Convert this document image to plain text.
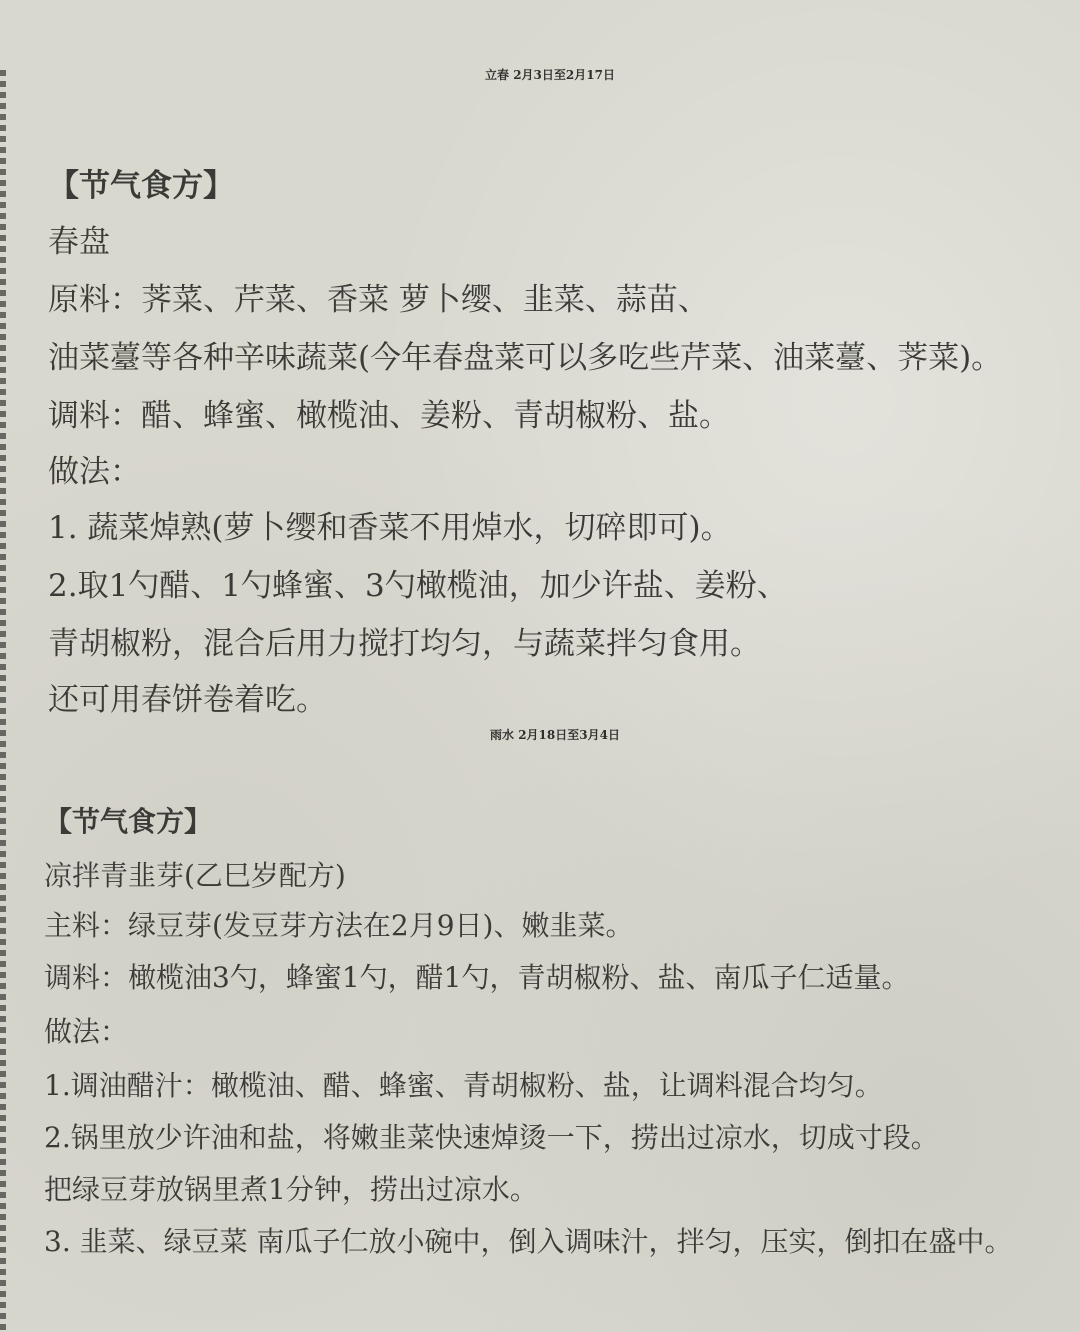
立春 2月3日至2月17日

【节气食方】

春盘

原料：荠菜、芹菜、香菜 萝卜缨、韭菜、蒜苗、

油菜薹等各种辛味蔬菜(今年春盘菜可以多吃些芹菜、油菜薹、荠菜)。

调料：醋、蜂蜜、橄榄油、姜粉、青胡椒粉、盐。

做法：

1. 蔬菜焯熟(萝卜缨和香菜不用焯水，切碎即可)。

2.取1勺醋、1勺蜂蜜、3勺橄榄油，加少许盐、姜粉、

青胡椒粉，混合后用力搅打均匀，与蔬菜拌匀食用。

还可用春饼卷着吃。

雨水 2月18日至3月4日

【节气食方】

凉拌青韭芽(乙巳岁配方)

主料：绿豆芽(发豆芽方法在2月9日)、嫩韭菜。

调料：橄榄油3勺，蜂蜜1勺，醋1勺，青胡椒粉、盐、南瓜子仁适量。

做法：

1.调油醋汁：橄榄油、醋、蜂蜜、青胡椒粉、盐，让调料混合均匀。

2.锅里放少许油和盐，将嫩韭菜快速焯烫一下，捞出过凉水，切成寸段。

把绿豆芽放锅里煮1分钟，捞出过凉水。

3. 韭菜、绿豆菜 南瓜子仁放小碗中，倒入调味汁，拌匀，压实，倒扣在盛中。
